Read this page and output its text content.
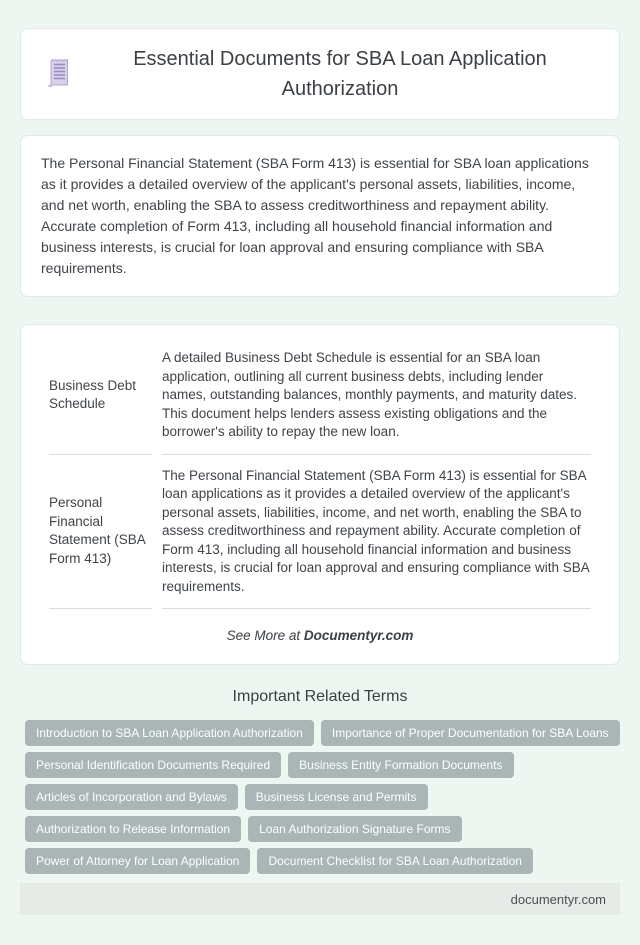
Essential Documents for SBA Loan Application Authorization

The Personal Financial Statement (SBA Form 413) is essential for SBA loan applications as it provides a detailed overview of the applicant's personal assets, liabilities, income, and net worth, enabling the SBA to assess creditworthiness and repayment ability. Accurate completion of Form 413, including all household financial information and business interests, is crucial for loan approval and ensuring compliance with SBA requirements.

Business Debt Schedule	A detailed Business Debt Schedule is essential for an SBA loan application, outlining all current business debts, including lender names, outstanding balances, monthly payments, and maturity dates. This document helps lenders assess existing obligations and the borrower's ability to repay the new loan.
Personal Financial Statement (SBA Form 413)	The Personal Financial Statement (SBA Form 413) is essential for SBA loan applications as it provides a detailed overview of the applicant's personal assets, liabilities, income, and net worth, enabling the SBA to assess creditworthiness and repayment ability. Accurate completion of Form 413, including all household financial information and business interests, is crucial for loan approval and ensuring compliance with SBA requirements.
See More at Documentyr.com
Important Related Terms
Introduction to SBA Loan Application Authorization	Importance of Proper Documentation for SBA Loans
Personal Identification Documents Required	Business Entity Formation Documents
Articles of Incorporation and Bylaws	Business License and Permits
Authorization to Release Information	Loan Authorization Signature Forms
Power of Attorney for Loan Application	Document Checklist for SBA Loan Authorization
documentyr.com
